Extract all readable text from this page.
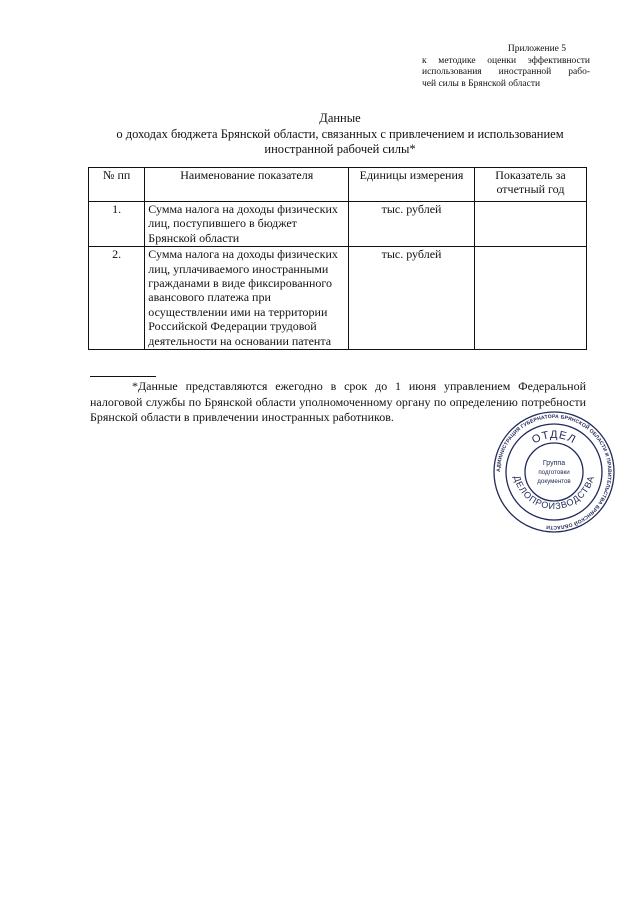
Приложение 5
к методике оценки эффективности
использования иностранной рабо-
чей силы в Брянской области
Данные
о доходах бюджета Брянской области, связанных с привлечением и использованием
иностранной рабочей силы*
№ пп	Наименование показателя	Единицы измерения	Показатель за отчетный год
1.	Сумма налога на доходы физических лиц, поступившего в бюджет Брянской области	тыс. рублей	
2.	Сумма налога на доходы физических лиц, уплачиваемого иностранными гражданами в виде фиксированного авансового платежа при осуществлении ими на территории Российской Федерации трудовой деятельности на основании патента	тыс. рублей	
*Данные представляются ежегодно в срок до 1 июня управлением Федеральной налоговой службы по Брянской области уполномоченному органу по определению потребности Брянской области в привлечении иностранных работников.
АДМИНИСТРАЦИЯ ГУБЕРНАТОРА БРЯНСКОЙ ОБЛАСТИ И ПРАВИТЕЛЬСТВА БРЯНСКОЙ ОБЛАСТИ
ОТДЕЛ
ДЕЛОПРОИЗВОДСТВА
Группа
подготовки
документов
